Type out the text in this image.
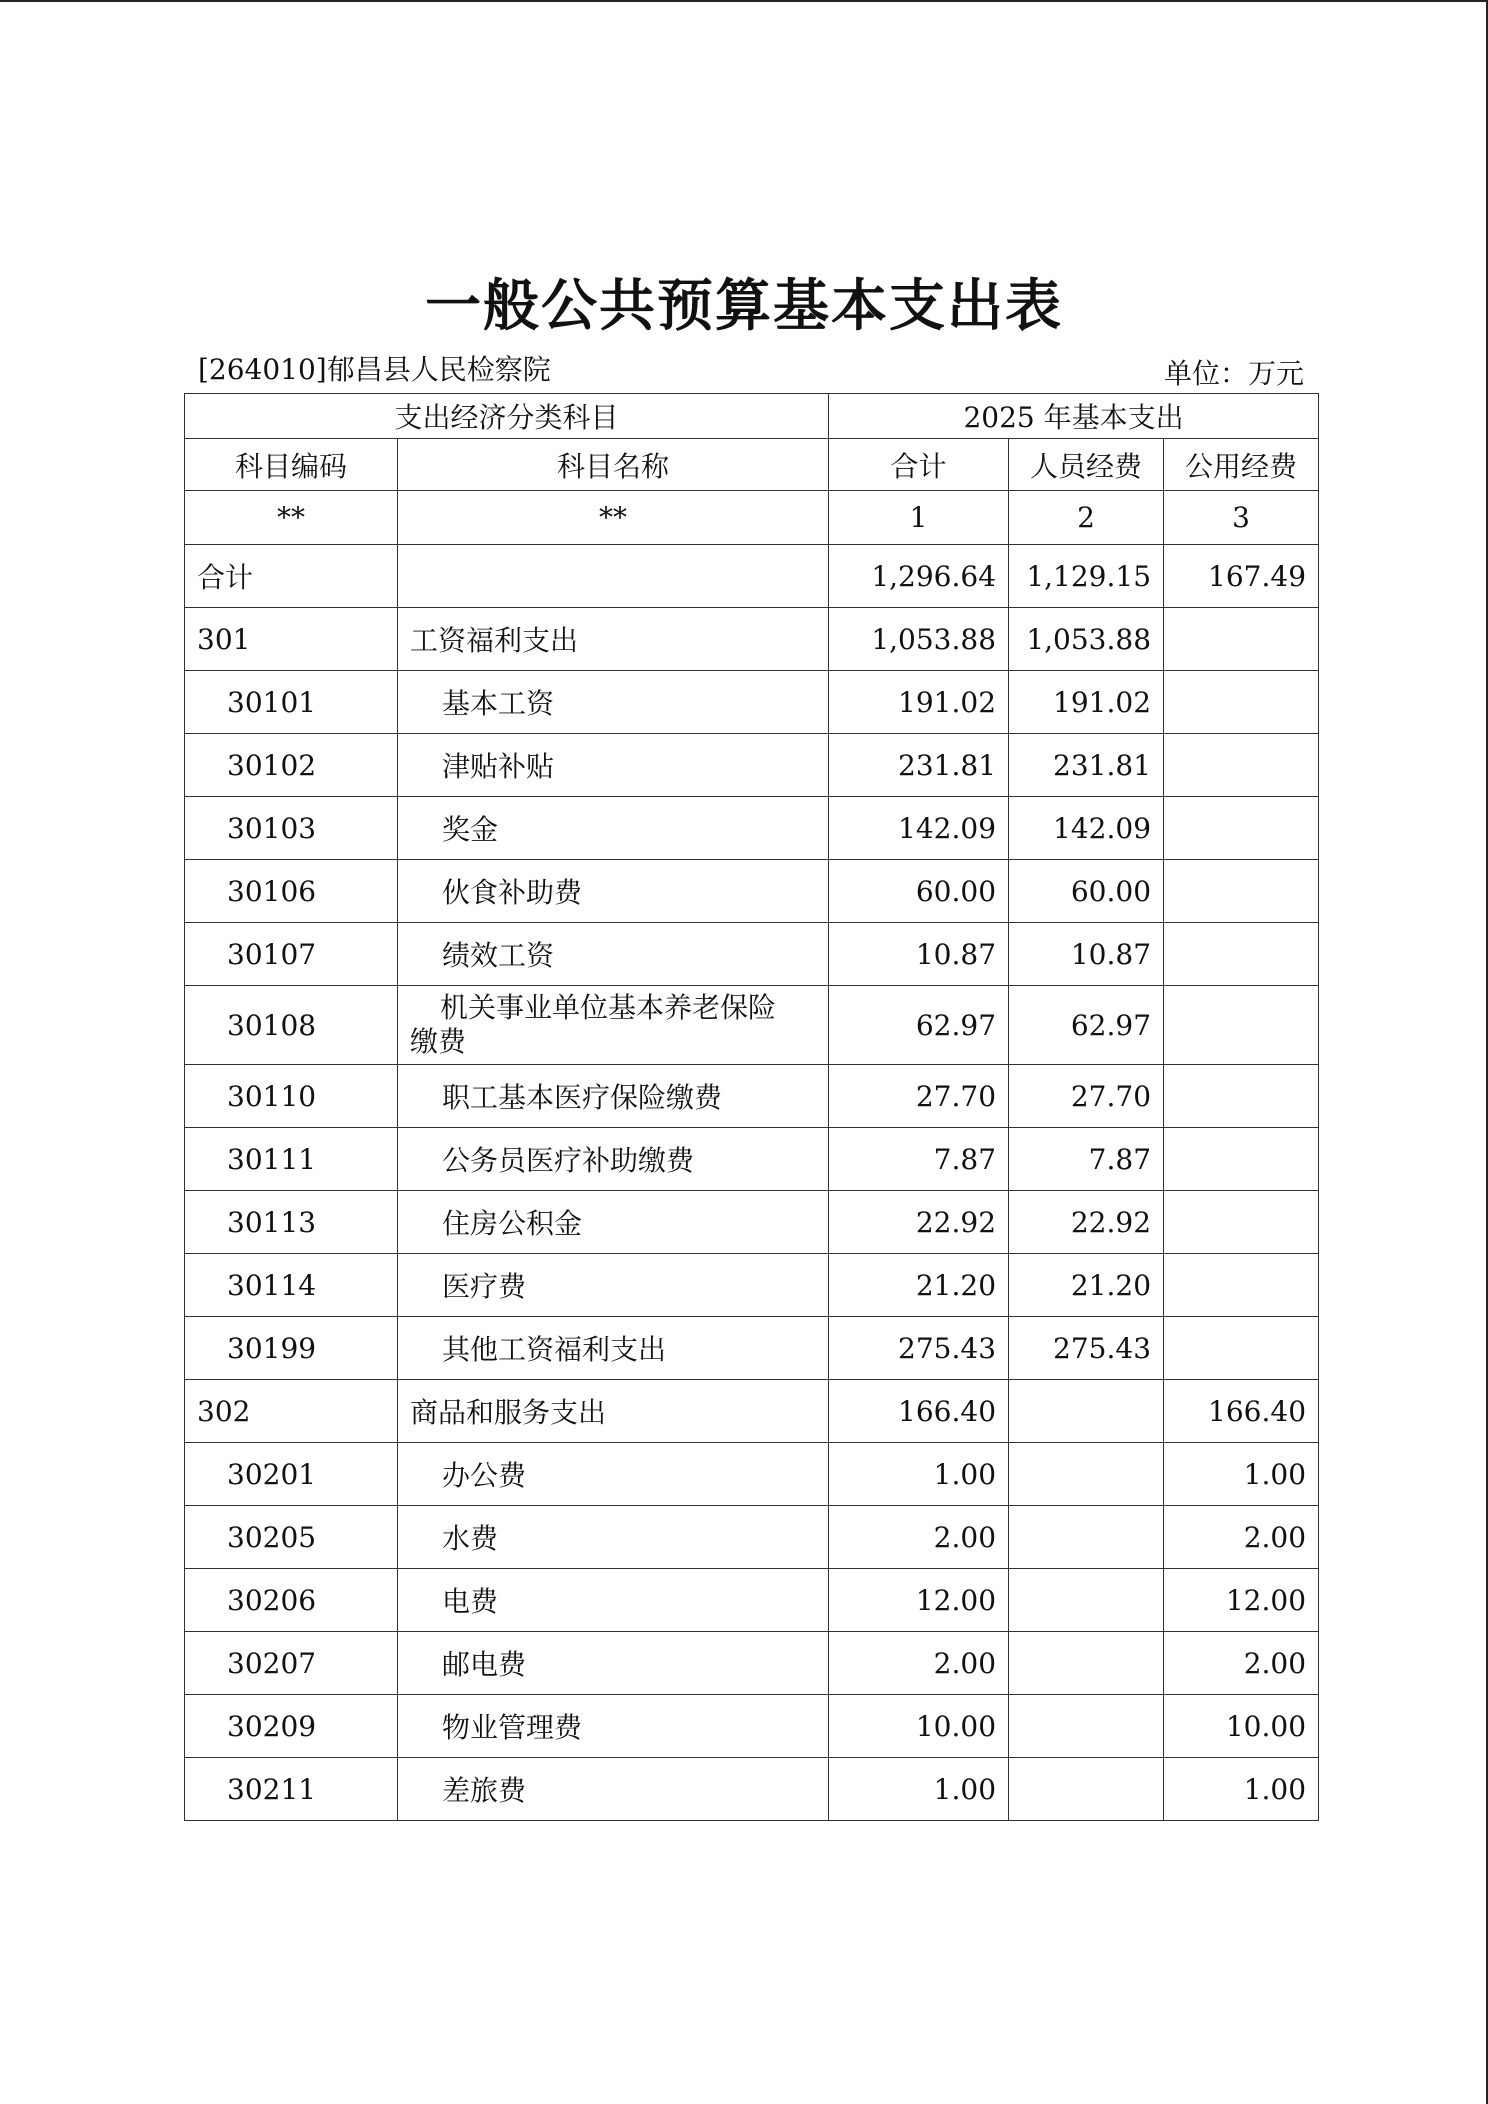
一般公共预算基本支出表
[264010]郁昌县人民检察院	单位：万元
支出经济分类科目		2025 年基本支出		
科目编码	科目名称	合计	人员经费	公用经费
**	**	1	2	3
合计		1,296.64	1,129.15	167.49
301	工资福利支出	1,053.88	1,053.88	
30101	基本工资	191.02	191.02	
30102	津贴补贴	231.81	231.81	
30103	奖金	142.09	142.09	
30106	伙食补助费	60.00	60.00	
30107	绩效工资	10.87	10.87	
30108	机关事业单位基本养老保险
缴费	62.97	62.97	
30110	职工基本医疗保险缴费	27.70	27.70	
30111	公务员医疗补助缴费	7.87	7.87	
30113	住房公积金	22.92	22.92	
30114	医疗费	21.20	21.20	
30199	其他工资福利支出	275.43	275.43	
302	商品和服务支出	166.40		166.40
30201	办公费	1.00		1.00
30205	水费	2.00		2.00
30206	电费	12.00		12.00
30207	邮电费	2.00		2.00
30209	物业管理费	10.00		10.00
30211	差旅费	1.00		1.00
